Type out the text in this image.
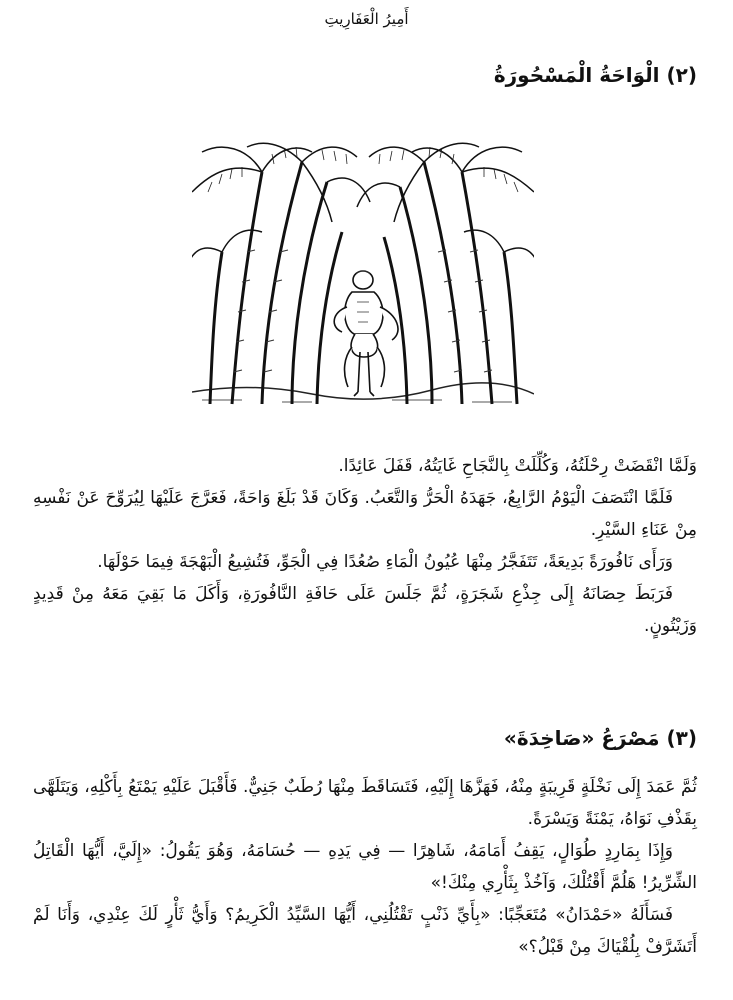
أَمِيرُ الْعَفَارِيتِ
(٢) الْوَاحَةُ الْمَسْحُورَةُ

وَلَمَّا انْقَضَتْ رِحْلَتُهُ، وَكُلِّلَتْ بِالنَّجَاحِ غَايَتُهُ، قَفَلَ عَائِدًا.

فَلَمَّا انْتَصَفَ الْيَوْمُ الرَّابِعُ، جَهَدَهُ الْحَرُّ وَالتَّعَبُ. وَكَانَ قَدْ بَلَغَ وَاحَةً، فَعَرَّجَ عَلَيْهَا لِيُرَوِّحَ عَنْ نَفْسِهِ مِنْ عَنَاءِ السَّيْرِ.

وَرَأَى نَافُورَةً بَدِيعَةً، تَتَفَجَّرُ مِنْهَا عُيُونُ الْمَاءِ صُعُدًا فِي الْجَوِّ، فَتُشِيعُ الْبَهْجَةَ فِيمَا حَوْلَهَا.

فَرَبَطَ حِصَانَهُ إِلَى جِذْعِ شَجَرَةٍ، ثُمَّ جَلَسَ عَلَى حَافَةِ النَّافُورَةِ، وَأَكَلَ مَا بَقِيَ مَعَهُ مِنْ قَدِيدٍ وَزَيْتُونٍ.

(٣) مَصْرَعُ «صَاخِدَةَ»

ثُمَّ عَمَدَ إِلَى نَخْلَةٍ قَرِيبَةٍ مِنْهُ، فَهَزَّهَا إِلَيْهِ، فَتَسَاقَطَ مِنْهَا رُطَبٌ جَنِيٌّ. فَأَقْبَلَ عَلَيْهِ يَمْتَعُ بِأَكْلِهِ، وَيَتَلَهَّى بِقَذْفِ نَوَاهُ، يَمْنَةً وَيَسْرَةً.

وَإِذَا بِمَارِدٍ طُوَالٍ، يَقِفُ أَمَامَهُ، شَاهِرًا — فِي يَدِهِ — حُسَامَهُ، وَهُوَ يَقُولُ: «إِلَيَّ، أَيُّهَا الْقَاتِلُ الشِّرِّيرُ! هَلُمَّ أَقْتُلْكَ، وَآخُذْ بِثَأْرِي مِنْكَ!»

فَسَأَلَهُ «حَمْدَانُ» مُتَعَجِّبًا: «بِأَيِّ ذَنْبٍ تَقْتُلُنِي، أَيُّهَا السَّيِّدُ الْكَرِيمُ؟ وَأَيُّ ثَأْرٍ لَكَ عِنْدِي، وَأَنَا لَمْ أَتَشَرَّفْ بِلُقْيَاكَ مِنْ قَبْلُ؟»
